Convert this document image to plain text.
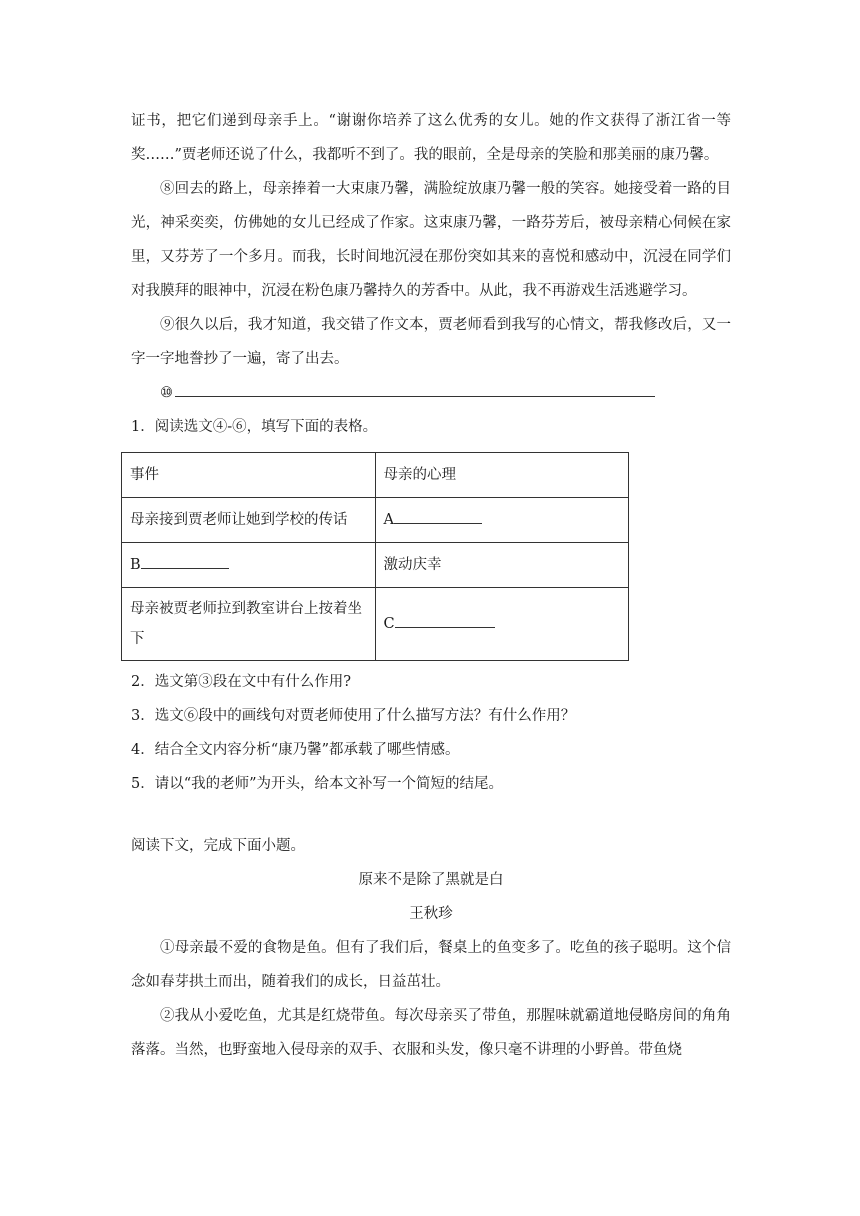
证书，把它们递到母亲手上。“谢谢你培养了这么优秀的女儿。她的作文获得了浙江省一等奖……”贾老师还说了什么，我都听不到了。我的眼前，全是母亲的笑脸和那美丽的康乃馨。

⑧回去的路上，母亲捧着一大束康乃馨，满脸绽放康乃馨一般的笑容。她接受着一路的目光，神采奕奕，仿佛她的女儿已经成了作家。这束康乃馨，一路芬芳后，被母亲精心伺候在家里，又芬芳了一个多月。而我，长时间地沉浸在那份突如其来的喜悦和感动中，沉浸在同学们对我膜拜的眼神中，沉浸在粉色康乃馨持久的芳香中。从此，我不再游戏生活逃避学习。

⑨很久以后，我才知道，我交错了作文本，贾老师看到我写的心情文，帮我修改后，又一字一字地誊抄了一遍，寄了出去。

⑩

1．阅读选文④-⑥，填写下面的表格。

事件	母亲的心理
母亲接到贾老师让她到学校的传话	A
B	激动庆幸
母亲被贾老师拉到教室讲台上按着坐下	C

2．选文第③段在文中有什么作用?

3．选文⑥段中的画线句对贾老师使用了什么描写方法？有什么作用？

4．结合全文内容分析“康乃馨”都承载了哪些情感。

5．请以“我的老师”为开头，给本文补写一个简短的结尾。

阅读下文，完成下面小题。

原来不是除了黑就是白

王秋珍

①母亲最不爱的食物是鱼。但有了我们后，餐桌上的鱼变多了。吃鱼的孩子聪明。这个信念如春芽拱土而出，随着我们的成长，日益茁壮。

②我从小爱吃鱼，尤其是红烧带鱼。每次母亲买了带鱼，那腥味就霸道地侵略房间的角角落落。当然，也野蛮地入侵母亲的双手、衣服和头发，像只毫不讲理的小野兽。带鱼烧
